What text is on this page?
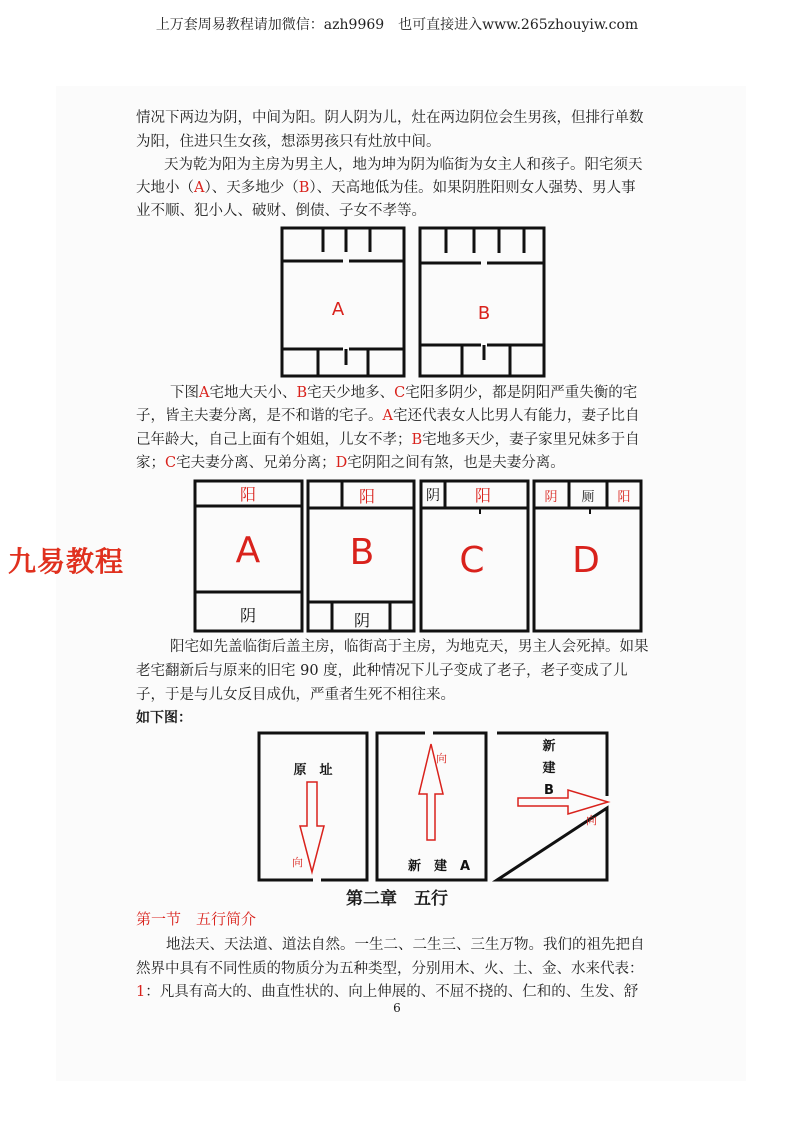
上万套周易教程请加微信：azh9969　也可直接进入www.265zhouyiw.com
九易教程

情况下两边为阴，中间为阳。阴人阴为儿，灶在两边阴位会生男孩，但排行单数
为阳，住进只生女孩，想添男孩只有灶放中间。

天为乾为阳为主房为男主人，地为坤为阴为临街为女主人和孩子。阳宅须天

大地小（A）、天多地少（B）、天高地低为佳。如果阴胜阳则女人强势、男人事

业不顺、犯小人、破财、倒债、子女不孝等。

A	B

下图A宅地大天小、B宅天少地多、C宅阳多阴少，都是阴阳严重失衡的宅

子，皆主夫妻分离，是不和谐的宅子。A宅还代表女人比男人有能力，妻子比自

己年龄大，自己上面有个姐姐，儿女不孝；B宅地多天少，妻子家里兄妹多于自

家；C宅夫妻分离、兄弟分离；D宅阴阳之间有煞，也是夫妻分离。

阳
A
阴
阳
B
阴
阴 阳
C
阴 厕 阳
D

阳宅如先盖临街后盖主房，临街高于主房，为地克天，男主人会死掉。如果

老宅翻新后与原来的旧宅 90 度，此种情况下儿子变成了老子，老子变成了儿

子，于是与儿女反目成仇，严重者生死不相往来。

如下图：

原　址
新　建　A
新
建
B
向
向
向
第二章　五行
第一节　五行简介

地法天、天法道、道法自然。一生二、二生三、三生万物。我们的祖先把自

然界中具有不同性质的物质分为五种类型，分别用木、火、土、金、水来代表：

1：凡具有高大的、曲直性状的、向上伸展的、不屈不挠的、仁和的、生发、舒

6
